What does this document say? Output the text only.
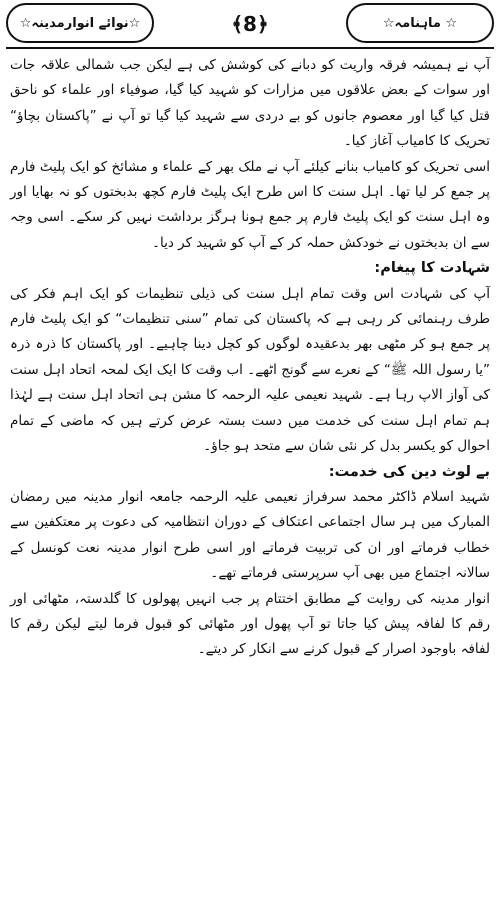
☆نوائے انوارمدینہ☆	﴾8﴿	☆ ماہنامہ☆

آپ نے ہمیشہ فرقہ واریت کو دبانے کی کوشش کی ہے لیکن جب شمالی علاقہ جات اور سوات کے بعض علاقوں میں مزارات کو شہید کیا گیا، صوفیاء اور علماء کو ناحق قتل کیا گیا اور معصوم جانوں کو بے دردی سے شہید کیا گیا تو آپ نے ”پاکستان بچاؤ“ تحریک کا کامیاب آغاز کیا۔

اسی تحریک کو کامیاب بنانے کیلئے آپ نے ملک بھر کے علماء و مشائخ کو ایک پلیٹ فارم پر جمع کر لیا تھا۔ اہل سنت کا اس طرح ایک پلیٹ فارم کچھ بدبختوں کو نہ بھایا اور وہ اہل سنت کو ایک پلیٹ فارم پر جمع ہونا ہرگز برداشت نہیں کر سکے۔ اسی وجہ سے ان بدبختوں نے خودکش حملہ کر کے آپ کو شہید کر دیا۔

شہادت کا پیغام:

آپ کی شہادت اس وقت تمام اہل سنت کی ذیلی تنظیمات کو ایک اہم فکر کی طرف رہنمائی کر رہی ہے کہ پاکستان کی تمام ”سنی تنظیمات“ کو ایک پلیٹ فارم پر جمع ہو کر مٹھی بھر بدعقیدہ لوگوں کو کچل دینا چاہیے۔ اور پاکستان کا ذرہ ذرہ ”یا رسول اللہ ﷺ“ کے نعرے سے گونج اٹھے۔ اب وقت کا ایک ایک لمحہ اتحاد اہل سنت کی آواز الاپ رہا ہے۔ شہید نعیمی علیہ الرحمہ کا مشن ہی اتحاد اہل سنت ہے لہٰذا ہم تمام اہل سنت کی خدمت میں دست بستہ عرض کرتے ہیں کہ ماضی کے تمام احوال کو یکسر بدل کر نئی شان سے متحد ہو جاؤ۔

بے لوث دین کی خدمت:

شہید اسلام ڈاکٹر محمد سرفراز نعیمی علیہ الرحمہ جامعہ انوار مدینہ میں رمضان المبارک میں ہر سال اجتماعی اعتکاف کے دوران انتظامیہ کی دعوت پر معتکفین سے خطاب فرماتے اور ان کی تربیت فرماتے اور اسی طرح انوار مدینہ نعت کونسل کے سالانہ اجتماع میں بھی آپ سرپرستی فرماتے تھے۔

انوار مدینہ کی روایت کے مطابق اختتام پر جب انہیں پھولوں کا گلدستہ، مٹھائی اور رقم کا لفافہ پیش کیا جاتا تو آپ پھول اور مٹھائی کو قبول فرما لیتے لیکن رقم کا لفافہ باوجود اصرار کے قبول کرنے سے انکار کر دیتے۔
